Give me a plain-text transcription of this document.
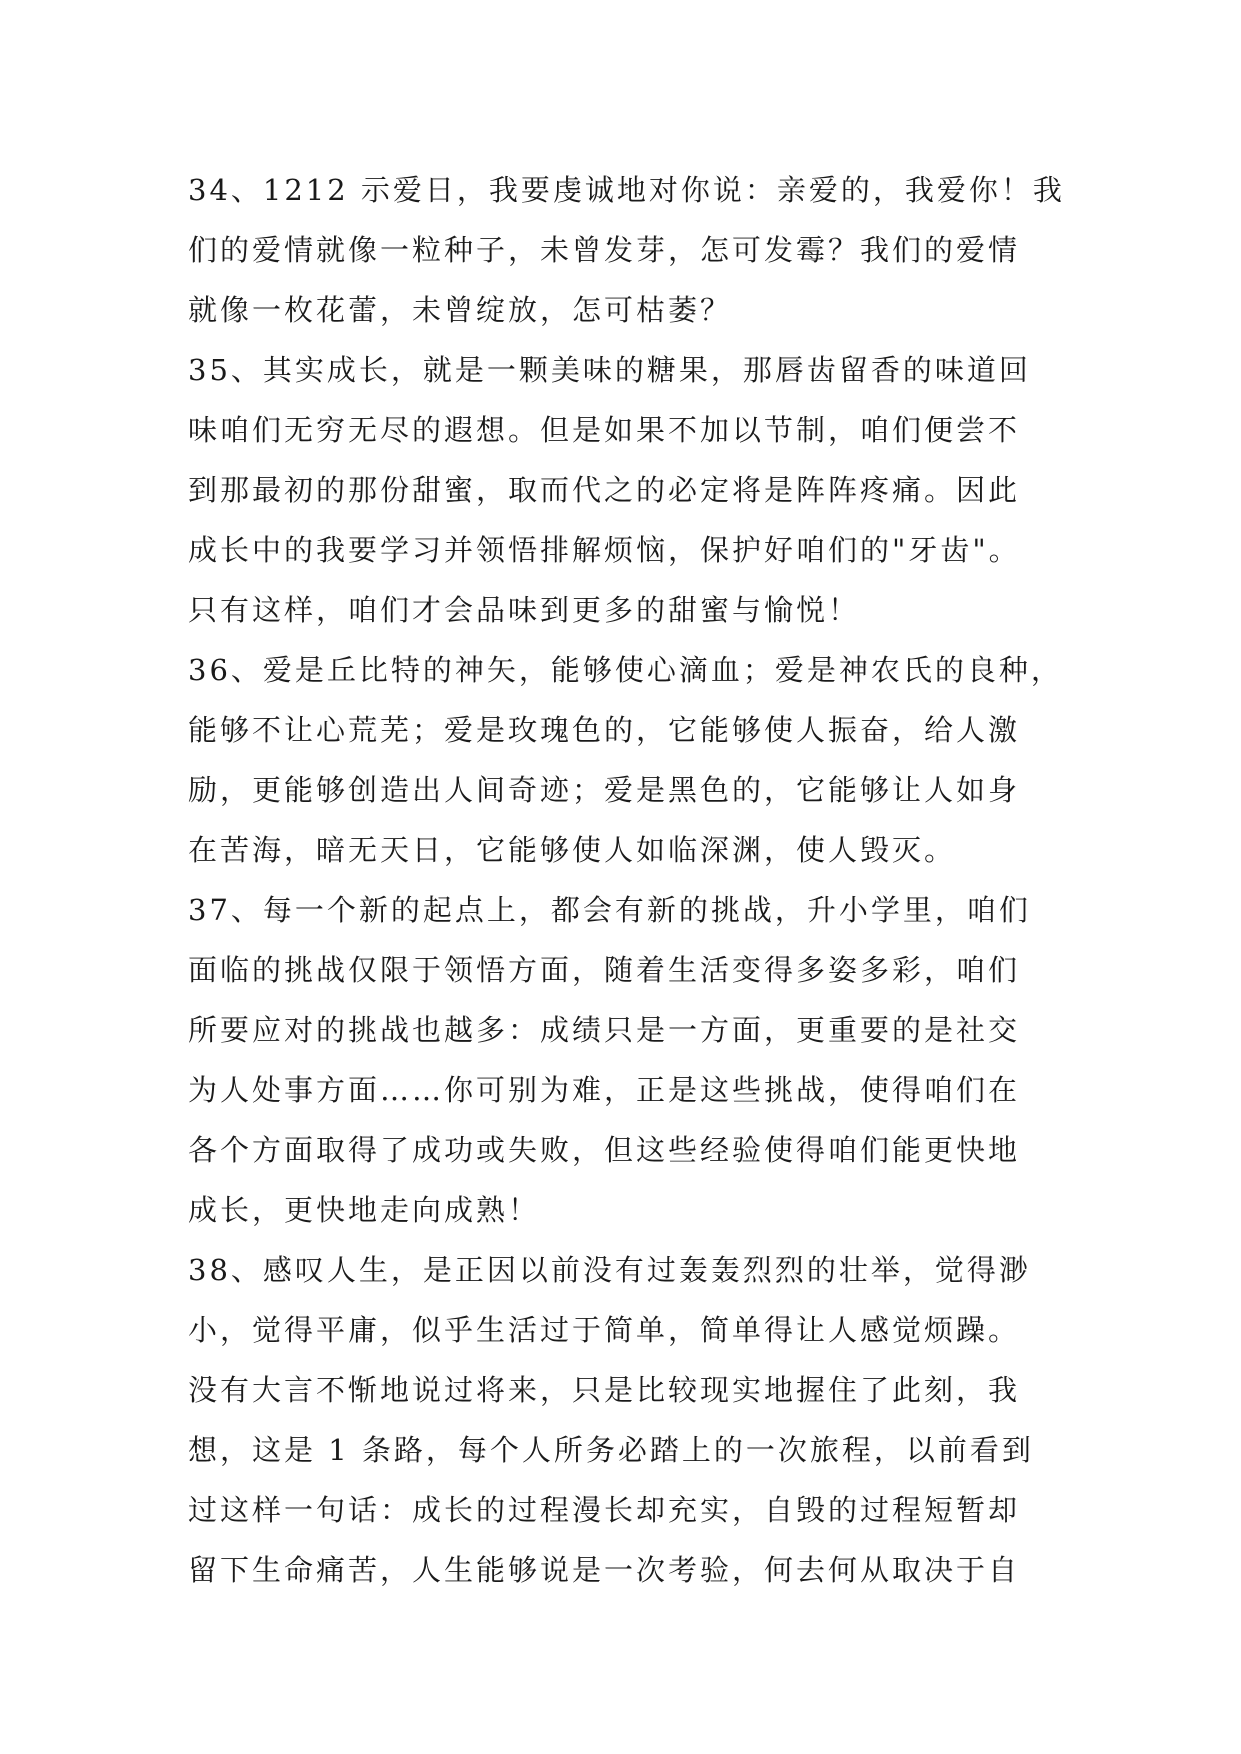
34、1212 示爱日，我要虔诚地对你说：亲爱的，我爱你！我
们的爱情就像一粒种子，未曾发芽，怎可发霉？我们的爱情
就像一枚花蕾，未曾绽放，怎可枯萎？
35、其实成长，就是一颗美味的糖果，那唇齿留香的味道回
味咱们无穷无尽的遐想。但是如果不加以节制，咱们便尝不
到那最初的那份甜蜜，取而代之的必定将是阵阵疼痛。因此
成长中的我要学习并领悟排解烦恼，保护好咱们的"牙齿"。
只有这样，咱们才会品味到更多的甜蜜与愉悦！
36、爱是丘比特的神矢，能够使心滴血；爱是神农氏的良种，
能够不让心荒芜；爱是玫瑰色的，它能够使人振奋，给人激
励，更能够创造出人间奇迹；爱是黑色的，它能够让人如身
在苦海，暗无天日，它能够使人如临深渊，使人毁灭。
37、每一个新的起点上，都会有新的挑战，升小学里，咱们
面临的挑战仅限于领悟方面，随着生活变得多姿多彩，咱们
所要应对的挑战也越多：成绩只是一方面，更重要的是社交
为人处事方面……你可别为难，正是这些挑战，使得咱们在
各个方面取得了成功或失败，但这些经验使得咱们能更快地
成长，更快地走向成熟！
38、感叹人生，是正因以前没有过轰轰烈烈的壮举，觉得渺
小，觉得平庸，似乎生活过于简单，简单得让人感觉烦躁。
没有大言不惭地说过将来，只是比较现实地握住了此刻，我
想，这是 1 条路，每个人所务必踏上的一次旅程，以前看到
过这样一句话：成长的过程漫长却充实，自毁的过程短暂却
留下生命痛苦，人生能够说是一次考验，何去何从取决于自
